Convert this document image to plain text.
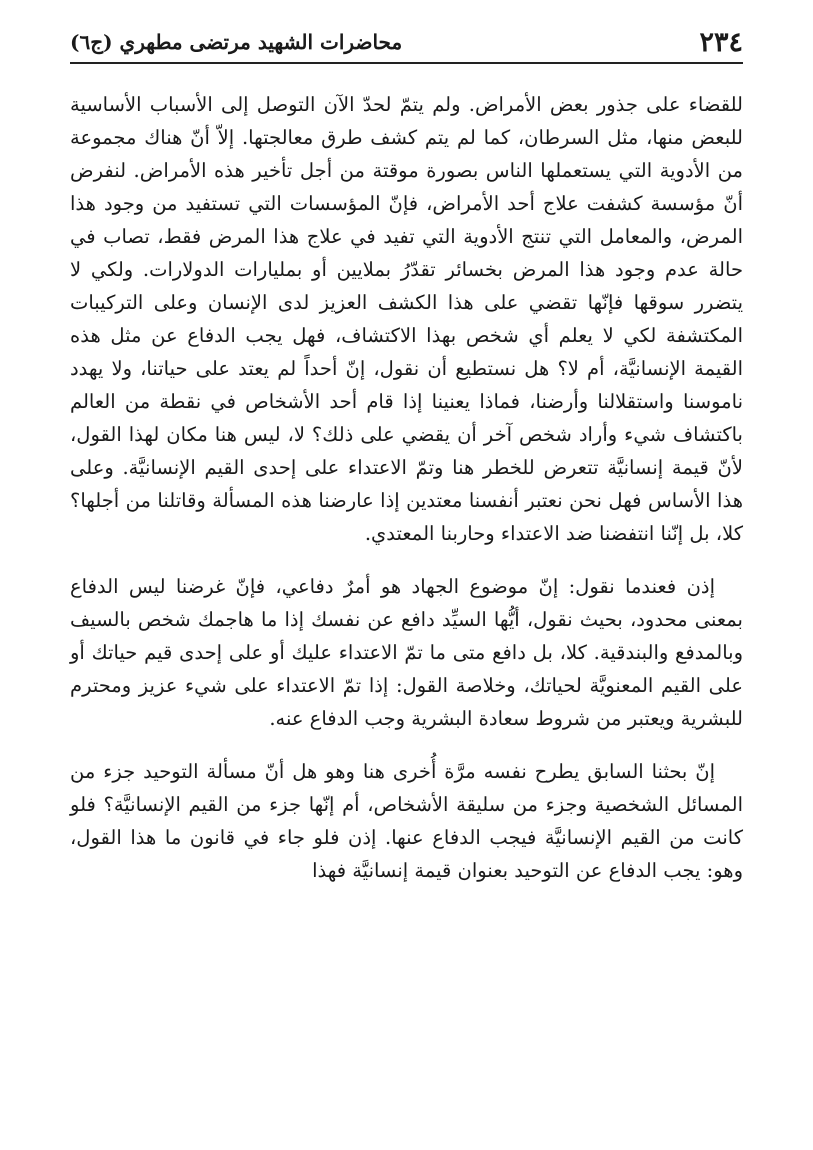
٢٣٤
محاضرات الشهيد مرتضى مطهري (ج٦)

للقضاء على جذور بعض الأمراض. ولم يتمّ لحدّ الآن التوصل إلى الأسباب الأساسية للبعض منها، مثل السرطان، كما لم يتم كشف طرق معالجتها. إلاّ أنّ هناك مجموعة من الأدوية التي يستعملها الناس بصورة موقتة من أجل تأخير هذه الأمراض. لنفرض أنّ مؤسسة كشفت علاج أحد الأمراض، فإنّ المؤسسات التي تستفيد من وجود هذا المرض، والمعامل التي تنتج الأدوية التي تفيد في علاج هذا المرض فقط، تصاب في حالة عدم وجود هذا المرض بخسائر تقدّرُ بملايين أو بمليارات الدولارات. ولكي لا يتضرر سوقها فإنّها تقضي على هذا الكشف العزيز لدى الإنسان وعلى التركيبات المكتشفة لكي لا يعلم أي شخص بهذا الاكتشاف، فهل يجب الدفاع عن مثل هذه القيمة الإنسانيَّة، أم لا؟ هل نستطيع أن نقول، إنّ أحداً لم يعتد على حياتنا، ولا يهدد ناموسنا واستقلالنا وأرضنا، فماذا يعنينا إذا قام أحد الأشخاص في نقطة من العالم باكتشاف شيء وأراد شخص آخر أن يقضي على ذلك؟ لا، ليس هنا مكان لهذا القول، لأنّ قيمة إنسانيَّة تتعرض للخطر هنا وتمّ الاعتداء على إحدى القيم الإنسانيَّة. وعلى هذا الأساس فهل نحن نعتبر أنفسنا معتدين إذا عارضنا هذه المسألة وقاتلنا من أجلها؟ كلا، بل إنّنا انتفضنا ضد الاعتداء وحاربنا المعتدي.

إذن فعندما نقول: إنّ موضوع الجهاد هو أمرٌ دفاعي، فإنّ غرضنا ليس الدفاع بمعنى محدود، بحيث نقول، أيُّها السيِّد دافع عن نفسك إذا ما هاجمك شخص بالسيف وبالمدفع والبندقية. كلا، بل دافع متى ما تمّ الاعتداء عليك أو على إحدى قيم حياتك أو على القيم المعنويَّة لحياتك، وخلاصة القول: إذا تمّ الاعتداء على شيء عزيز ومحترم للبشرية ويعتبر من شروط سعادة البشرية وجب الدفاع عنه.

إنّ بحثنا السابق يطرح نفسه مرَّة أُخرى هنا وهو هل أنّ مسألة التوحيد جزء من المسائل الشخصية وجزء من سليقة الأشخاص، أم إنّها جزء من القيم الإنسانيَّة؟ فلو كانت من القيم الإنسانيَّة فيجب الدفاع عنها. إذن فلو جاء في قانون ما هذا القول، وهو: يجب الدفاع عن التوحيد بعنوان قيمة إنسانيَّة فهذا
